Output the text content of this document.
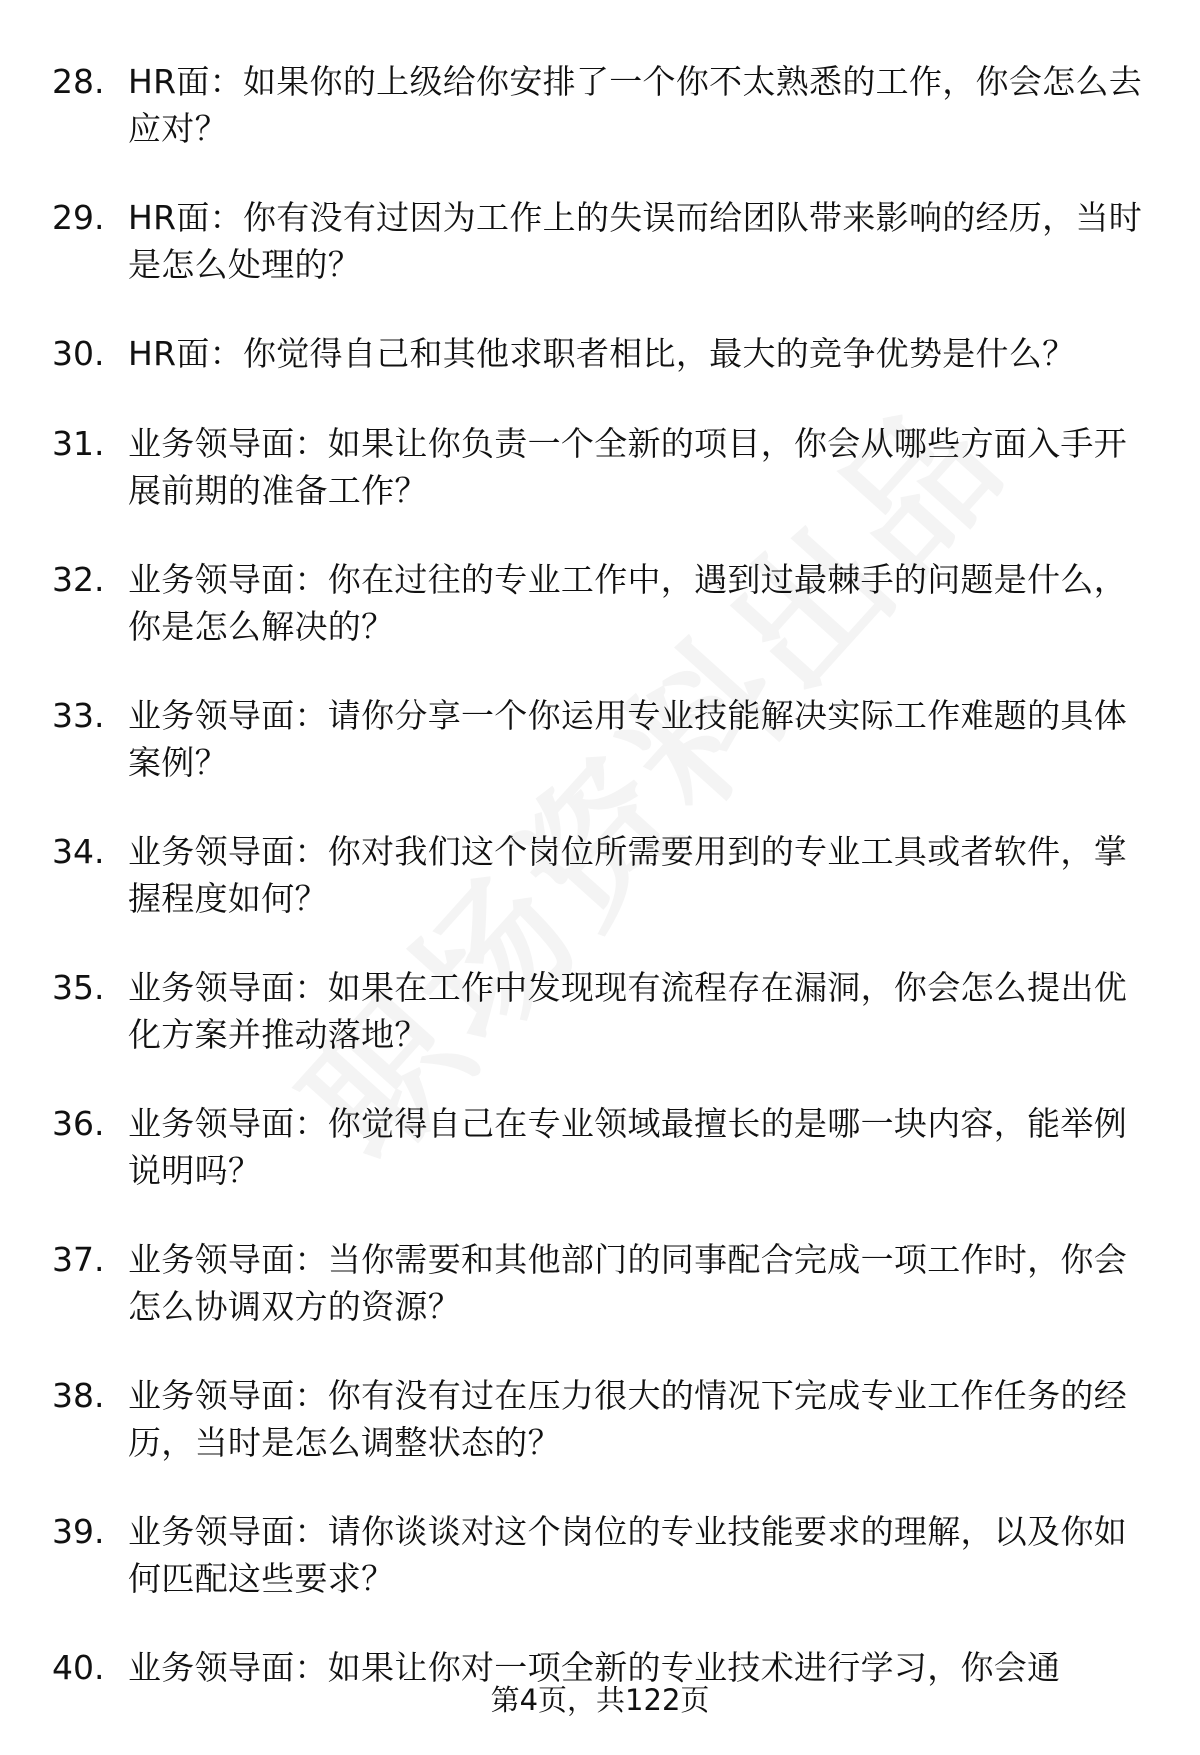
28. HR面：如果你的上级给你安排了一个你不太熟悉的工作，你会怎么去应对？
29. HR面：你有没有过因为工作上的失误而给团队带来影响的经历，当时是怎么处理的？
30. HR面：你觉得自己和其他求职者相比，最大的竞争优势是什么？
31. 业务领导面：如果让你负责一个全新的项目，你会从哪些方面入手开展前期的准备工作？
32. 业务领导面：你在过往的专业工作中，遇到过最棘手的问题是什么，你是怎么解决的？
33. 业务领导面：请你分享一个你运用专业技能解决实际工作难题的具体案例？
34. 业务领导面：你对我们这个岗位所需要用到的专业工具或者软件，掌握程度如何？
35. 业务领导面：如果在工作中发现现有流程存在漏洞，你会怎么提出优化方案并推动落地？
36. 业务领导面：你觉得自己在专业领域最擅长的是哪一块内容，能举例说明吗？
37. 业务领导面：当你需要和其他部门的同事配合完成一项工作时，你会怎么协调双方的资源？
38. 业务领导面：你有没有过在压力很大的情况下完成专业工作任务的经历，当时是怎么调整状态的？
39. 业务领导面：请你谈谈对这个岗位的专业技能要求的理解，以及你如何匹配这些要求？
40. 业务领导面：如果让你对一项全新的专业技术进行学习，你会通
第4页，共122页
